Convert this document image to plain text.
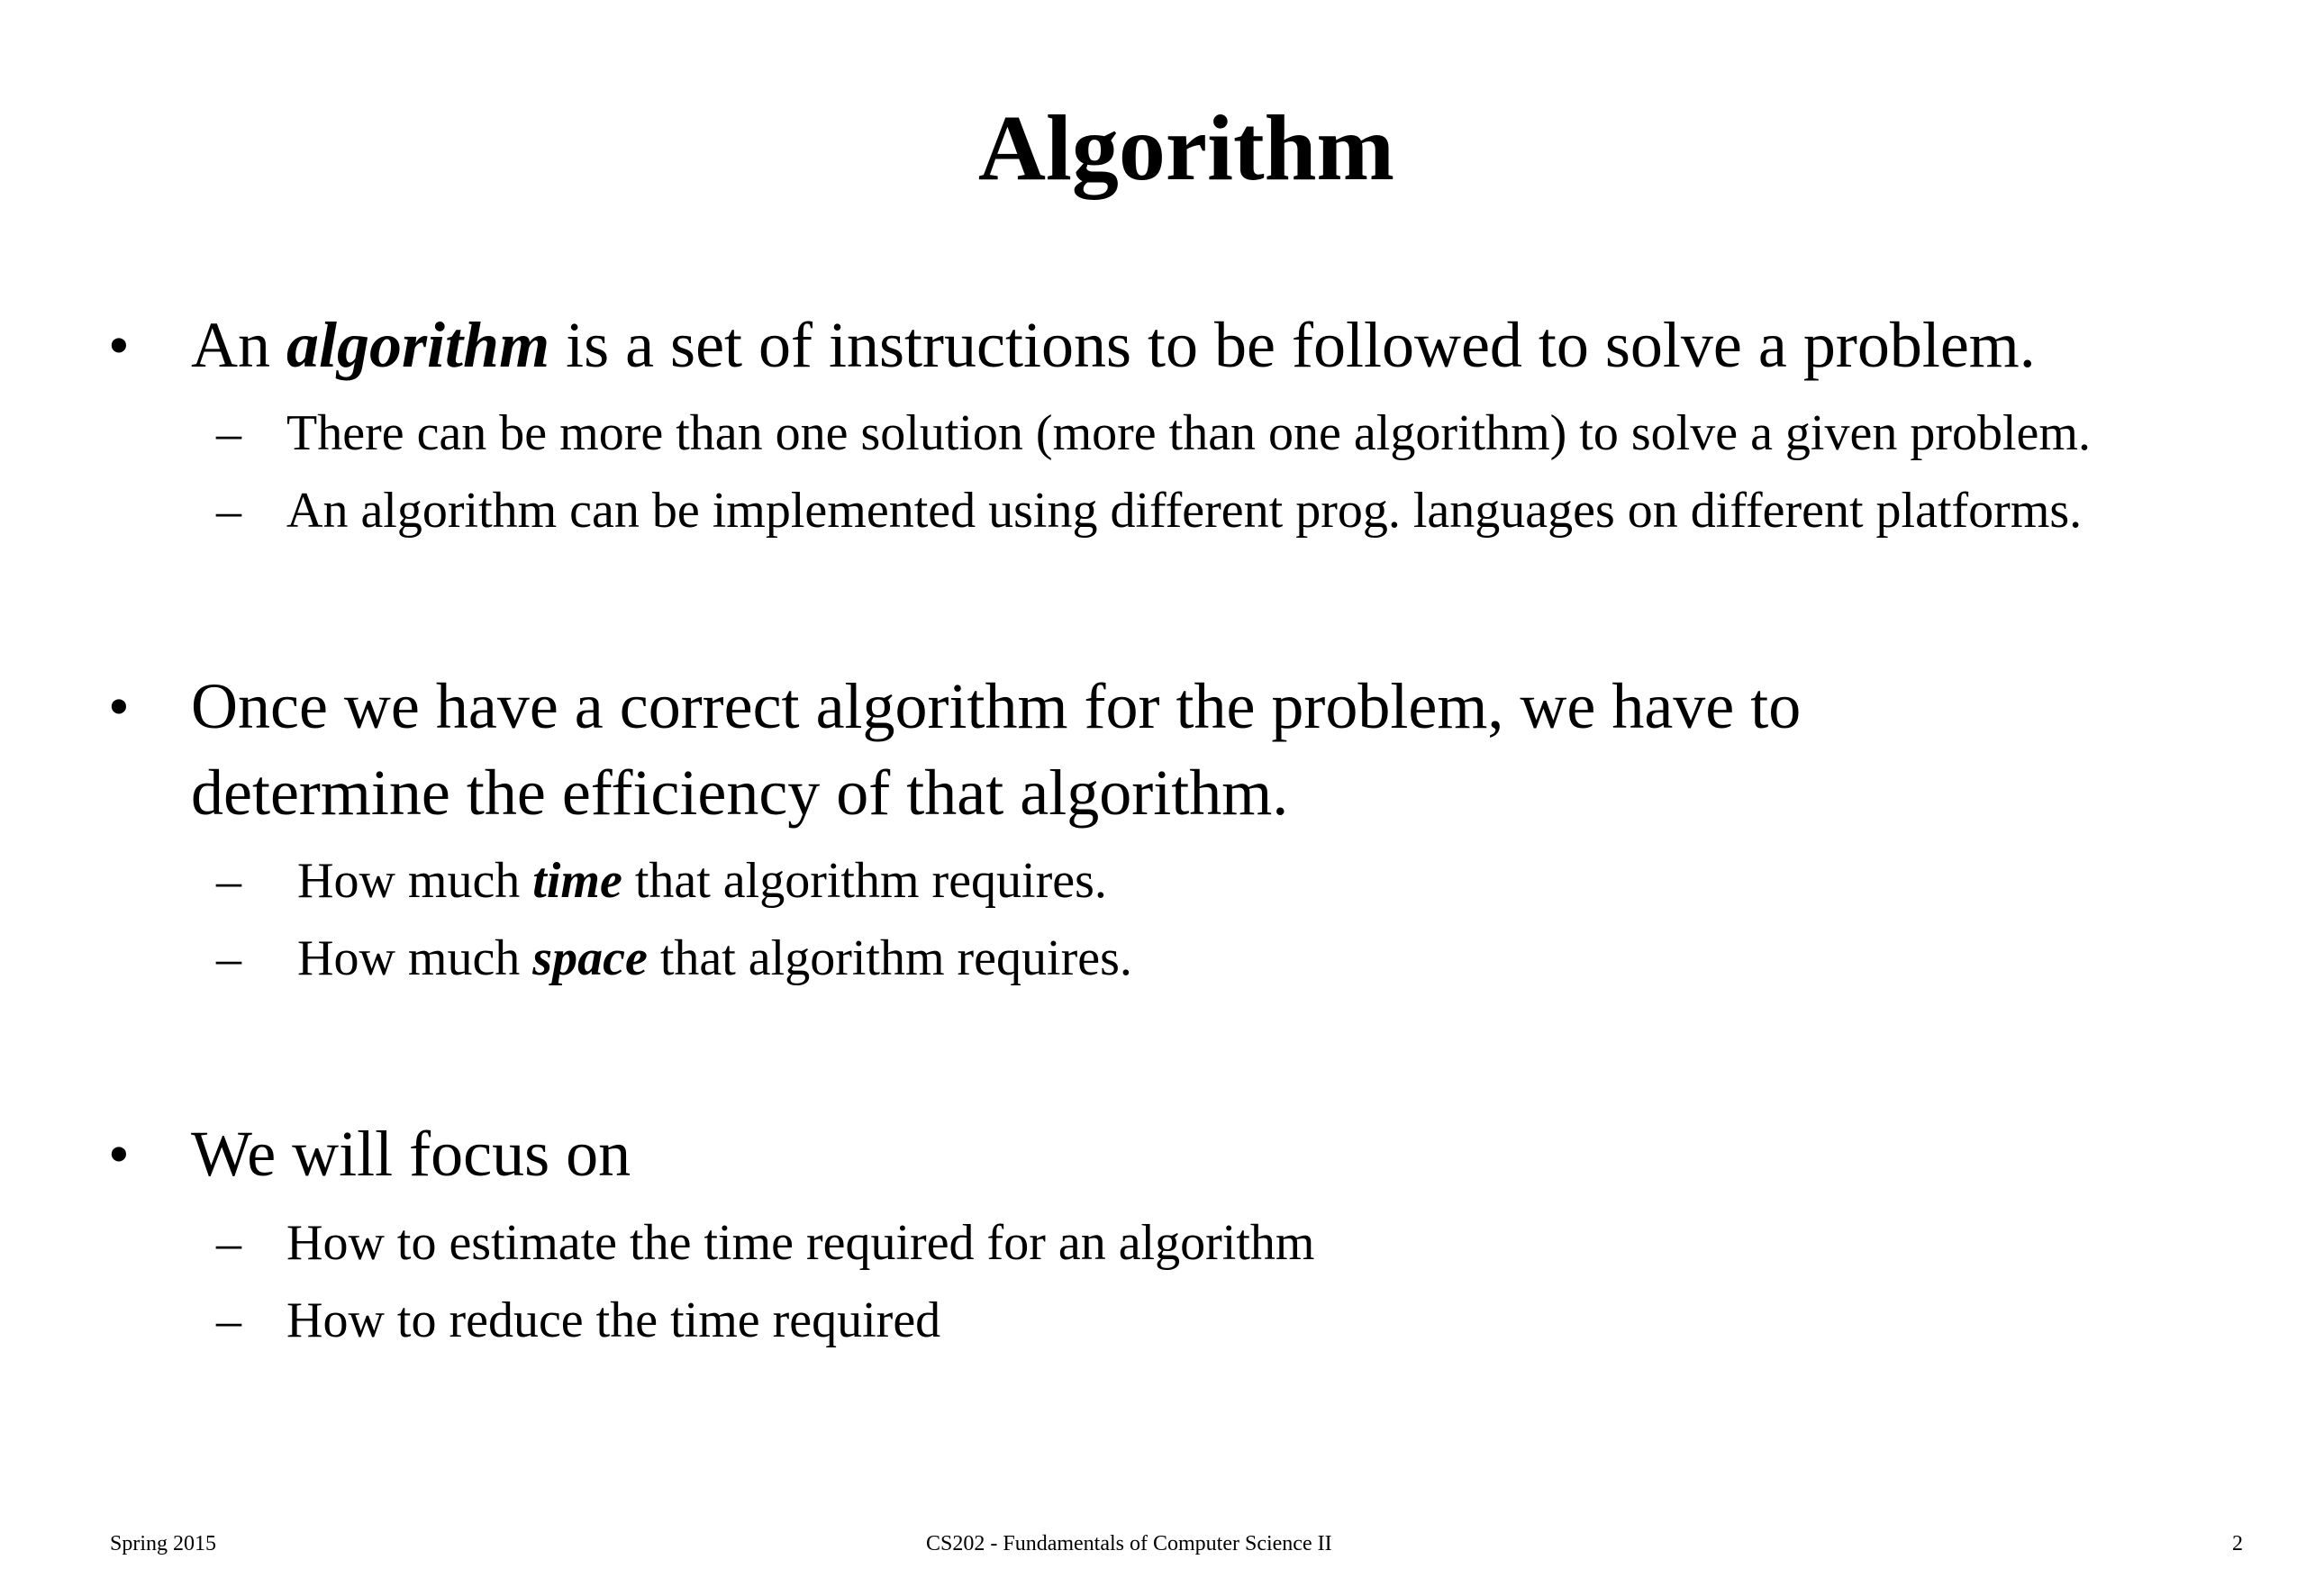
Algorithm
• An algorithm is a set of instructions to be followed to solve a problem.
– There can be more than one solution (more than one algorithm) to solve a given problem.
– An algorithm can be implemented using different prog. languages on different platforms.
• Once we have a correct algorithm for the problem, we have to
determine the efficiency of that algorithm.
– How much time that algorithm requires.
– How much space that algorithm requires.
• We will focus on
– How to estimate the time required for an algorithm
– How to reduce the time required
Spring 2015	CS202 - Fundamentals of Computer Science II	2
